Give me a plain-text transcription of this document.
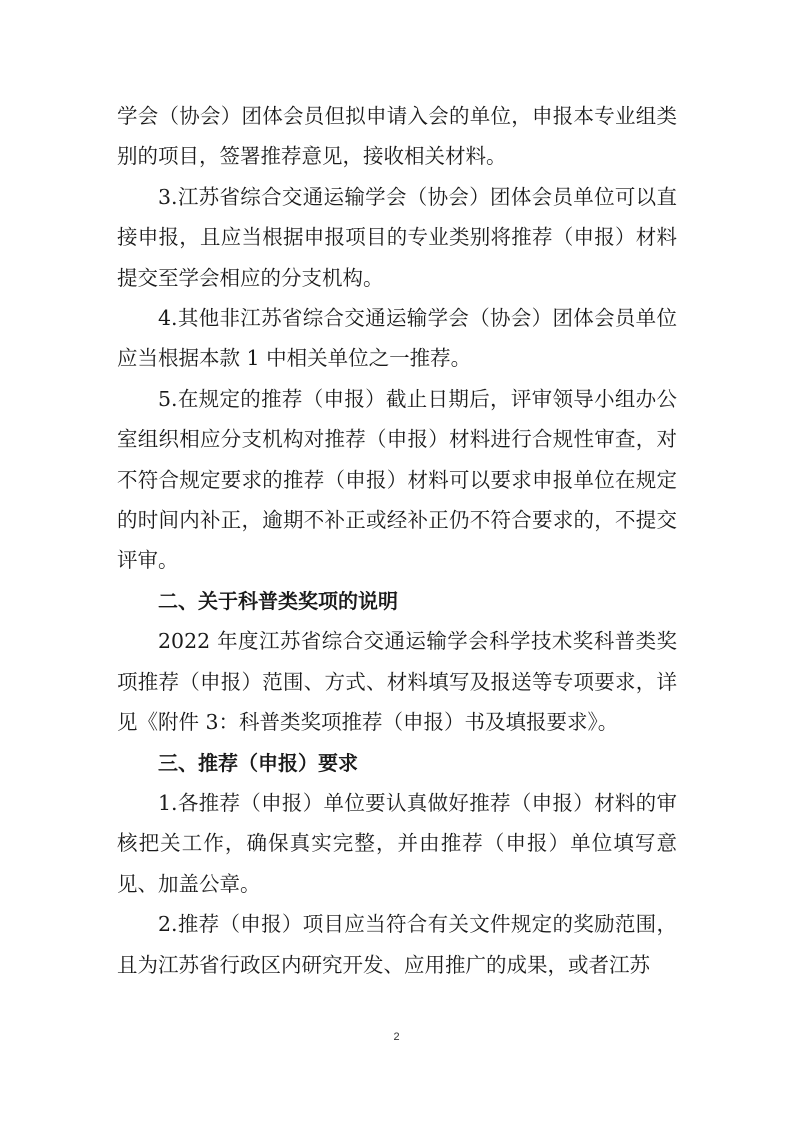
学会（协会）团体会员但拟申请入会的单位，申报本专业组类别的项目，签署推荐意见，接收相关材料。

3.江苏省综合交通运输学会（协会）团体会员单位可以直接申报，且应当根据申报项目的专业类别将推荐（申报）材料提交至学会相应的分支机构。

4.其他非江苏省综合交通运输学会（协会）团体会员单位应当根据本款 1 中相关单位之一推荐。

5.在规定的推荐（申报）截止日期后，评审领导小组办公室组织相应分支机构对推荐（申报）材料进行合规性审查，对不符合规定要求的推荐（申报）材料可以要求申报单位在规定的时间内补正，逾期不补正或经补正仍不符合要求的，不提交评审。

二、关于科普类奖项的说明

2022 年度江苏省综合交通运输学会科学技术奖科普类奖项推荐（申报）范围、方式、材料填写及报送等专项要求，详见《附件 3：科普类奖项推荐（申报）书及填报要求》。

三、推荐（申报）要求

1.各推荐（申报）单位要认真做好推荐（申报）材料的审核把关工作，确保真实完整，并由推荐（申报）单位填写意见、加盖公章。

2.推荐（申报）项目应当符合有关文件规定的奖励范围，且为江苏省行政区内研究开发、应用推广的成果，或者江苏

2
